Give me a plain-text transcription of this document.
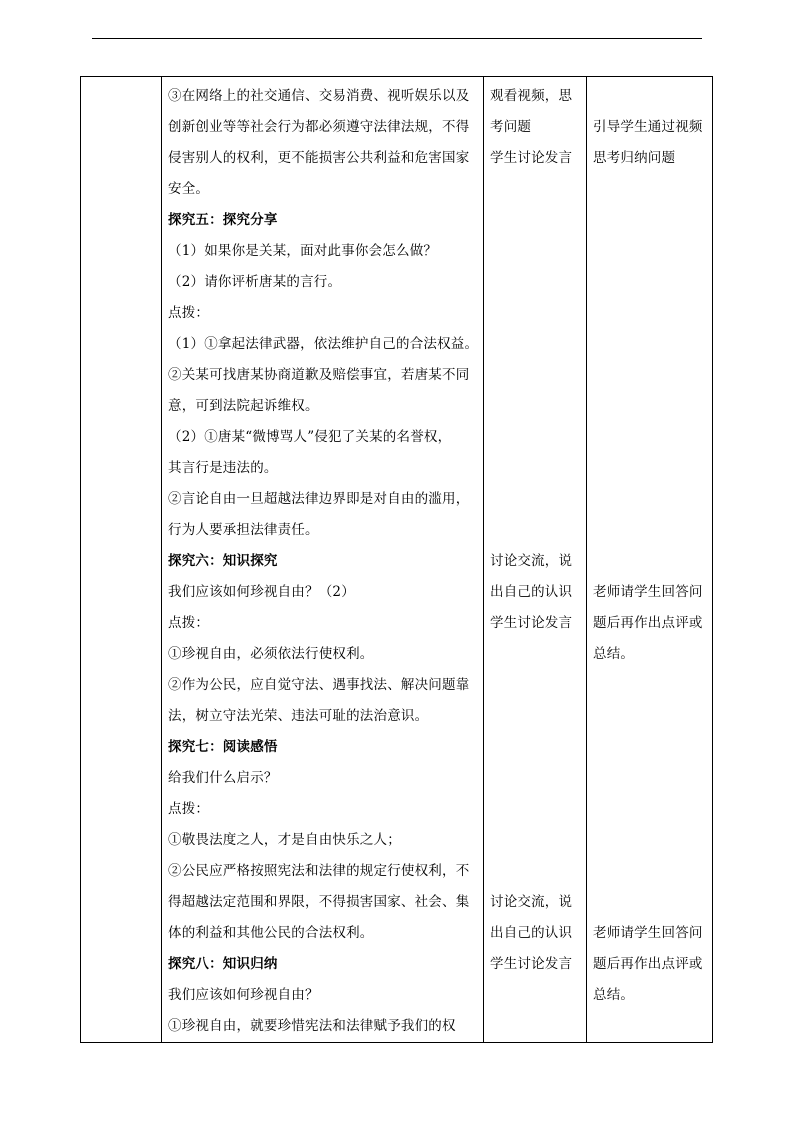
③在网络上的社交通信、交易消费、视听娱乐以及
创新创业等等社会行为都必须遵守法律法规，不得
侵害别人的权利，更不能损害公共利益和危害国家
安全。
探究五：探究分享
（1）如果你是关某，面对此事你会怎么做？
（2）请你评析唐某的言行。
点拨：
（1）①拿起法律武器，依法维护自己的合法权益。
②关某可找唐某协商道歉及赔偿事宜，若唐某不同
意，可到法院起诉维权。
（2）①唐某“微博骂人”侵犯了关某的名誉权，
其言行是违法的。
②言论自由一旦超越法律边界即是对自由的滥用，
行为人要承担法律责任。
探究六：知识探究
我们应该如何珍视自由？（2）
点拨：
①珍视自由，必须依法行使权利。
②作为公民，应自觉守法、遇事找法、解决问题靠
法，树立守法光荣、违法可耻的法治意识。
探究七：阅读感悟
给我们什么启示？
点拨：
①敬畏法度之人，才是自由快乐之人；
②公民应严格按照宪法和法律的规定行使权利，不
得超越法定范围和界限，不得损害国家、社会、集
体的利益和其他公民的合法权利。
探究八：知识归纳
我们应该如何珍视自由？
①珍视自由，就要珍惜宪法和法律赋予我们的权
观看视频，思
考问题
学生讨论发言
讨论交流，说
出自己的认识
学生讨论发言
讨论交流，说
出自己的认识
学生讨论发言
引导学生通过视频
思考归纳问题
老师请学生回答问
题后再作出点评或
总结。
老师请学生回答问
题后再作出点评或
总结。
